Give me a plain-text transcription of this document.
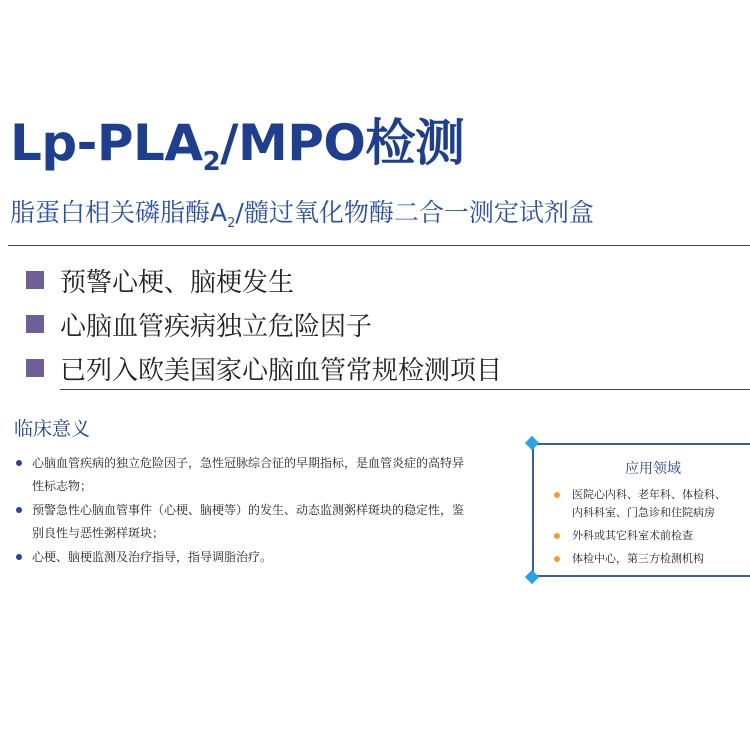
$Lp-PLA_2$/MPO检测
脂蛋白相关磷脂酶$A_2/$髓过氧化物酶二合一测定试剂盒
预警心梗、脑梗发生
心脑血管疾病独立危险因子
已列入欧美国家心脑血管常规检测项目
临床意义
心脑血管疾病的独立危险因子，急性冠脉综合征的早期指标，是血管炎症的高特异性标志物；
预警急性心脑血管事件（心梗、脑梗等）的发生、动态监测粥样斑块的稳定性，鉴别良性与恶性粥样斑块；
心梗、脑梗监测及治疗指导，指导调脂治疗。
应用领域
医院心内科、老年科、体检科、
内科科室、门急诊和住院病房
外科或其它科室术前检查
体检中心，第三方检测机构
